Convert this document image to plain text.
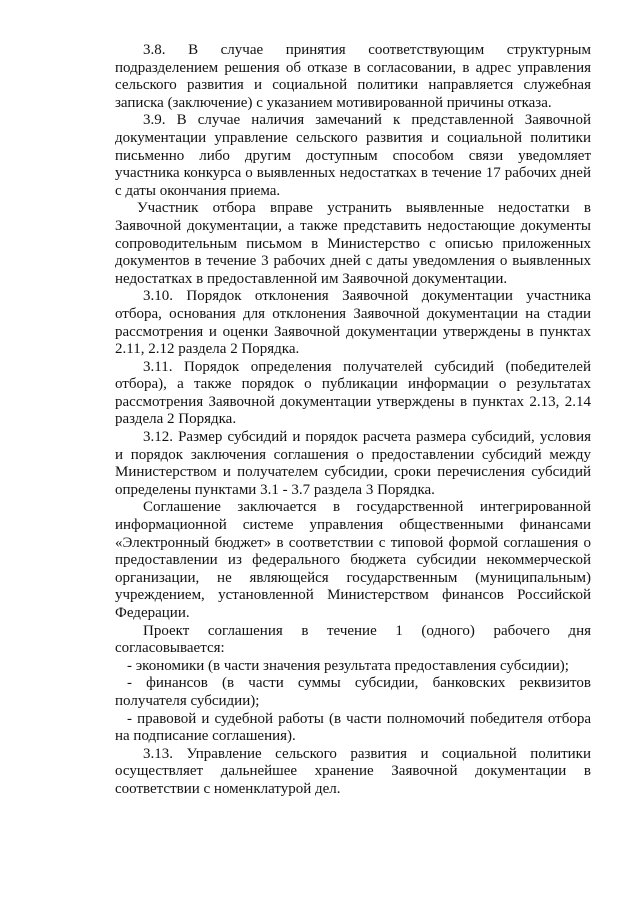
3.8. В случае принятия соответствующим структурным подразделением решения об отказе в согласовании, в адрес управления сельского развития и социальной политики направляется служебная записка (заключение) с указанием мотивированной причины отказа.

3.9. В случае наличия замечаний к представленной Заявочной документации управление сельского развития и социальной политики письменно либо другим доступным способом связи уведомляет участника конкурса о выявленных недостатках в течение 17 рабочих дней с даты окончания приема.

Участник отбора вправе устранить выявленные недостатки в Заявочной документации, а также представить недостающие документы сопроводительным письмом в Министерство с описью приложенных документов в течение 3 рабочих дней с даты уведомления о выявленных недостатках в предоставленной им Заявочной документации.

3.10. Порядок отклонения Заявочной документации участника отбора, основания для отклонения Заявочной документации на стадии рассмотрения и оценки Заявочной документации утверждены в пунктах 2.11, 2.12 раздела 2 Порядка.

3.11. Порядок определения получателей субсидий (победителей отбора), а также порядок о публикации информации о результатах рассмотрения Заявочной документации утверждены в пунктах 2.13, 2.14 раздела 2 Порядка.

3.12. Размер субсидий и порядок расчета размера субсидий, условия и порядок заключения соглашения о предоставлении субсидий между Министерством и получателем субсидии, сроки перечисления субсидий определены пунктами 3.1 - 3.7 раздела 3 Порядка.

Соглашение заключается в государственной интегрированной информационной системе управления общественными финансами «Электронный бюджет» в соответствии с типовой формой соглашения о предоставлении из федерального бюджета субсидии некоммерческой организации, не являющейся государственным (муниципальным) учреждением, установленной Министерством финансов Российской Федерации.

Проект соглашения в течение 1 (одного) рабочего дня согласовывается:

- экономики (в части значения результата предоставления субсидии);
- финансов (в части суммы субсидии, банковских реквизитов получателя субсидии);
- правовой и судебной работы (в части полномочий победителя отбора на подписание соглашения).

3.13. Управление сельского развития и социальной политики осуществляет дальнейшее хранение Заявочной документации в соответствии с номенклатурой дел.
